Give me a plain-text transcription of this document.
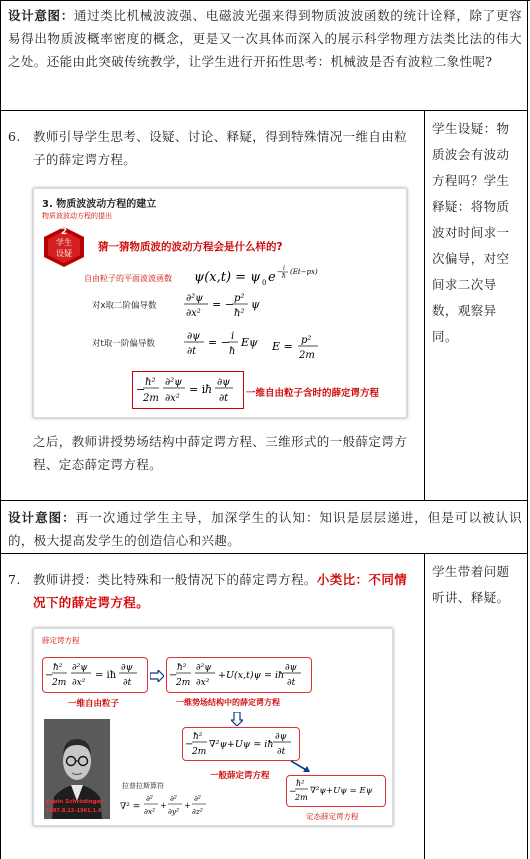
设计意图：通过类比机械波波强、电磁波光强来得到物质波波函数的统计诠释，除了更容易得出物质波概率密度的概念，更是又一次具体而深入的展示科学物理方法类比法的伟大之处。还能由此突破传统教学，让学生进行开拓性思考：机械波是否有波粒二象性呢?
6. 教师引导学生思考、设疑、讨论、释疑，得到特殊情况一维自由粒子的薛定谔方程。
学生设疑：物质波会有波动方程吗？学生释疑：将物质波对时间求一次偏导，对空间求二次导数，观察异同。
3. 物质波波动方程的建立
物质波波动方程的提出
2
学生
设疑
猜一猜物质波的波动方程会是什么样的?
自由粒子的平面波波函数 ψ(x,t) = ψ 0 e − i
ħ
(Et−px)
对x取二阶偏导数
∂²ψ
∂x²
= − p²
ħ²
ψ
对t取一阶偏导数
∂ψ
∂t
= − i
ħ
Eψ E = p²
2m
−
ħ²
2m
∂²ψ
∂x²
= i ħ
∂ψ
∂t 一维自由粒子含时的薛定谔方程
之后，教师讲授势场结构中薛定谔方程、三维形式的一般薛定谔方程、定态薛定谔方程。
设计意图：再一次通过学生主导，加深学生的认知：知识是层层递进，但是可以被认识的，极大提高发学生的创造信心和兴趣。
7. 教师讲授：类比特殊和一般情况下的薛定谔方程。小类比：不同情况下的薛定谔方程。
学生带着问题听讲、释疑。
薛定谔方程
−
ħ²
2m
∂²ψ
∂x²
= iħ
∂ψ
∂t
一维自由粒子
−
ħ²
2m
∂²ψ
∂x²
+U(x,t)ψ = iħ
∂ψ
∂t
一维势场结构中的薛定谔方程
−
ħ²
2m
∇²ψ+Uψ = iħ
∂ψ
∂t
一般薛定谔方程
−
ħ²
2m
∇²ψ+Uψ = Eψ
定态薛定谔方程
Erwin Schrödinger
1887.8.12–1961.1.4
拉普拉斯算符
∇² =
∂²
∂x²
+
∂²
∂y²
+
∂²
∂z²
